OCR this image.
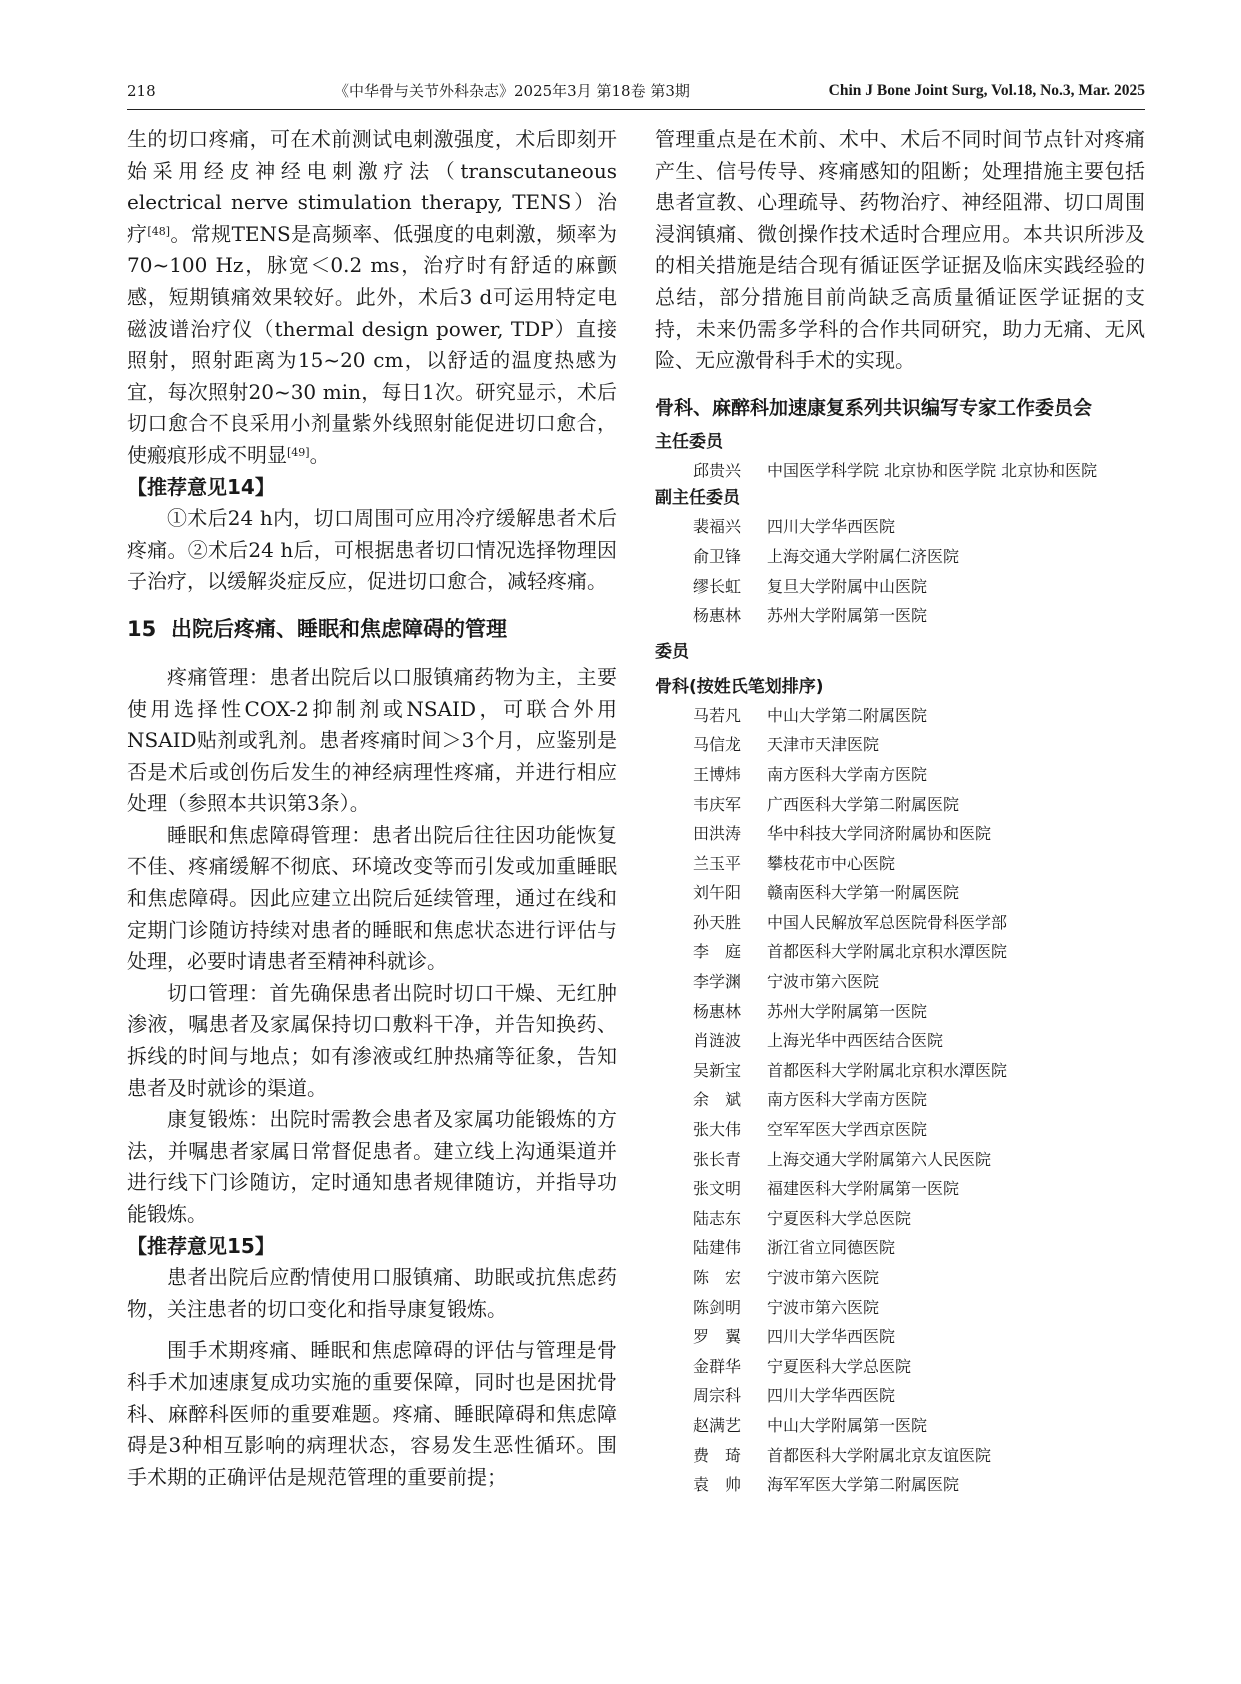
218	《中华骨与关节外科杂志》2025年3月 第18卷 第3期	Chin J Bone Joint Surg, Vol.18, No.3, Mar. 2025

生的切口疼痛，可在术前测试电刺激强度，术后即刻开始采用经皮神经电刺激疗法（transcutaneous electrical nerve stimulation therapy, TENS）治疗[48]。常规TENS是高频率、低强度的电刺激，频率为70~100 Hz，脉宽＜0.2 ms，治疗时有舒适的麻颤感，短期镇痛效果较好。此外，术后3 d可运用特定电磁波谱治疗仪（thermal design power, TDP）直接照射，照射距离为15~20 cm，以舒适的温度热感为宜，每次照射20~30 min，每日1次。研究显示，术后切口愈合不良采用小剂量紫外线照射能促进切口愈合，使瘢痕形成不明显[49]。

【推荐意见14】

①术后24 h内，切口周围可应用冷疗缓解患者术后疼痛。②术后24 h后，可根据患者切口情况选择物理因子治疗，以缓解炎症反应，促进切口愈合，减轻疼痛。

15 出院后疼痛、睡眠和焦虑障碍的管理

疼痛管理：患者出院后以口服镇痛药物为主，主要使用选择性COX-2抑制剂或NSAID，可联合外用NSAID贴剂或乳剂。患者疼痛时间＞3个月，应鉴别是否是术后或创伤后发生的神经病理性疼痛，并进行相应处理（参照本共识第3条）。

睡眠和焦虑障碍管理：患者出院后往往因功能恢复不佳、疼痛缓解不彻底、环境改变等而引发或加重睡眠和焦虑障碍。因此应建立出院后延续管理，通过在线和定期门诊随访持续对患者的睡眠和焦虑状态进行评估与处理，必要时请患者至精神科就诊。

切口管理：首先确保患者出院时切口干燥、无红肿渗液，嘱患者及家属保持切口敷料干净，并告知换药、拆线的时间与地点；如有渗液或红肿热痛等征象，告知患者及时就诊的渠道。

康复锻炼：出院时需教会患者及家属功能锻炼的方法，并嘱患者家属日常督促患者。建立线上沟通渠道并进行线下门诊随访，定时通知患者规律随访，并指导功能锻炼。

【推荐意见15】

患者出院后应酌情使用口服镇痛、助眠或抗焦虑药物，关注患者的切口变化和指导康复锻炼。

围手术期疼痛、睡眠和焦虑障碍的评估与管理是骨科手术加速康复成功实施的重要保障，同时也是困扰骨科、麻醉科医师的重要难题。疼痛、睡眠障碍和焦虑障碍是3种相互影响的病理状态，容易发生恶性循环。围手术期的正确评估是规范管理的重要前提；

管理重点是在术前、术中、术后不同时间节点针对疼痛产生、信号传导、疼痛感知的阻断；处理措施主要包括患者宣教、心理疏导、药物治疗、神经阻滞、切口周围浸润镇痛、微创操作技术适时合理应用。本共识所涉及的相关措施是结合现有循证医学证据及临床实践经验的总结，部分措施目前尚缺乏高质量循证医学证据的支持，未来仍需多学科的合作共同研究，助力无痛、无风险、无应激骨科手术的实现。

骨科、麻醉科加速康复系列共识编写专家工作委员会

主任委员

邱贵兴 中国医学科学院 北京协和医学院 北京协和医院

副主任委员

裴福兴 四川大学华西医院

俞卫锋 上海交通大学附属仁济医院

缪长虹 复旦大学附属中山医院

杨惠林 苏州大学附属第一医院

委员

骨科(按姓氏笔划排序)

马若凡 中山大学第二附属医院

马信龙 天津市天津医院

王博炜 南方医科大学南方医院

韦庆军 广西医科大学第二附属医院

田洪涛 华中科技大学同济附属协和医院

兰玉平 攀枝花市中心医院

刘午阳 赣南医科大学第一附属医院

孙天胜 中国人民解放军总医院骨科医学部

李　庭 首都医科大学附属北京积水潭医院

李学渊 宁波市第六医院

杨惠林 苏州大学附属第一医院

肖涟波 上海光华中西医结合医院

吴新宝 首都医科大学附属北京积水潭医院

余　斌 南方医科大学南方医院

张大伟 空军军医大学西京医院

张长青 上海交通大学附属第六人民医院

张文明 福建医科大学附属第一医院

陆志东 宁夏医科大学总医院

陆建伟 浙江省立同德医院

陈　宏 宁波市第六医院

陈剑明 宁波市第六医院

罗　翼 四川大学华西医院

金群华 宁夏医科大学总医院

周宗科 四川大学华西医院

赵满艺 中山大学附属第一医院

费　琦 首都医科大学附属北京友谊医院

袁　帅 海军军医大学第二附属医院
